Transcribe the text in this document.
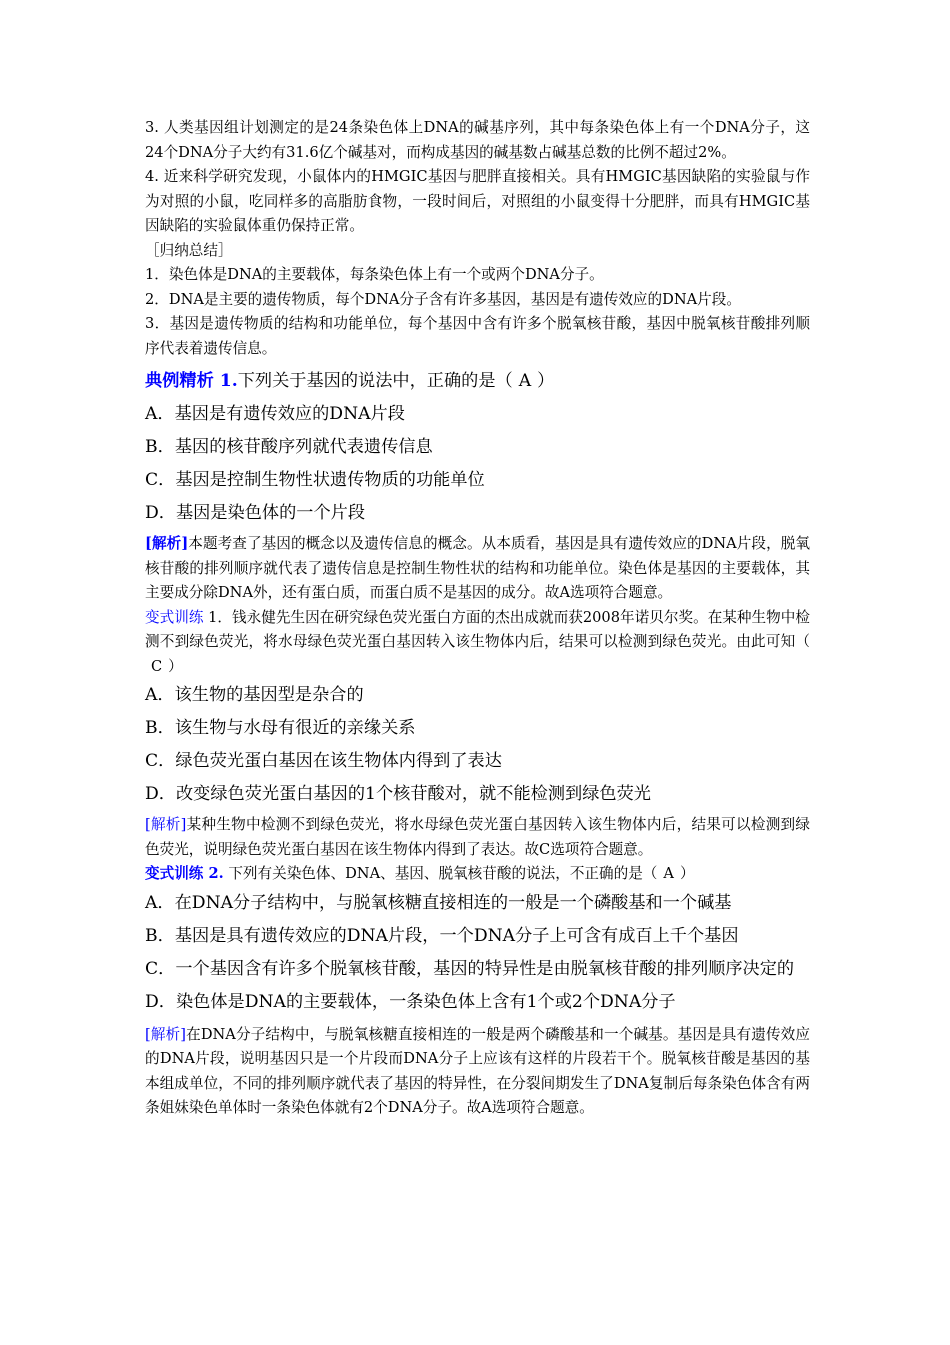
3. 人类基因组计划测定的是24条染色体上DNA的碱基序列，其中每条染色体上有一个DNA分子，这24个DNA分子大约有31.6亿个碱基对，而构成基因的碱基数占碱基总数的比例不超过2%。

4. 近来科学研究发现，小鼠体内的HMGIC基因与肥胖直接相关。具有HMGIC基因缺陷的实验鼠与作为对照的小鼠，吃同样多的高脂肪食物，一段时间后，对照组的小鼠变得十分肥胖，而具有HMGIC基因缺陷的实验鼠体重仍保持正常。

［归纳总结］

1．染色体是DNA的主要载体，每条染色体上有一个或两个DNA分子。

2．DNA是主要的遗传物质，每个DNA分子含有许多基因，基因是有遗传效应的DNA片段。

3．基因是遗传物质的结构和功能单位，每个基因中含有许多个脱氧核苷酸，基因中脱氧核苷酸排列顺序代表着遗传信息。

典例精析 1.下列关于基因的说法中，正确的是（ A ）

A．基因是有遗传效应的DNA片段

B．基因的核苷酸序列就代表遗传信息

C．基因是控制生物性状遗传物质的功能单位

D．基因是染色体的一个片段

[解析]本题考查了基因的概念以及遗传信息的概念。从本质看，基因是具有遗传效应的DNA片段，脱氧核苷酸的排列顺序就代表了遗传信息是控制生物性状的结构和功能单位。染色体是基因的主要载体，其主要成分除DNA外，还有蛋白质，而蛋白质不是基因的成分。故A选项符合题意。

变式训练 1．钱永健先生因在研究绿色荧光蛋白方面的杰出成就而获2008年诺贝尔奖。在某种生物中检测不到绿色荧光，将水母绿色荧光蛋白基因转入该生物体内后，结果可以检测到绿色荧光。由此可知（C ）

A．该生物的基因型是杂合的

B．该生物与水母有很近的亲缘关系

C．绿色荧光蛋白基因在该生物体内得到了表达

D．改变绿色荧光蛋白基因的1个核苷酸对，就不能检测到绿色荧光

[解析]某种生物中检测不到绿色荧光，将水母绿色荧光蛋白基因转入该生物体内后，结果可以检测到绿色荧光，说明绿色荧光蛋白基因在该生物体内得到了表达。故C选项符合题意。

变式训练 2. 下列有关染色体、DNA、基因、脱氧核苷酸的说法，不正确的是（ A ）

A．在DNA分子结构中，与脱氧核糖直接相连的一般是一个磷酸基和一个碱基

B．基因是具有遗传效应的DNA片段，一个DNA分子上可含有成百上千个基因

C．一个基因含有许多个脱氧核苷酸，基因的特异性是由脱氧核苷酸的排列顺序决定的

D．染色体是DNA的主要载体，一条染色体上含有1个或2个DNA分子

[解析]在DNA分子结构中，与脱氧核糖直接相连的一般是两个磷酸基和一个碱基。基因是具有遗传效应的DNA片段，说明基因只是一个片段而DNA分子上应该有这样的片段若干个。脱氧核苷酸是基因的基本组成单位，不同的排列顺序就代表了基因的特异性，在分裂间期发生了DNA复制后每条染色体含有两条姐妹染色单体时一条染色体就有2个DNA分子。故A选项符合题意。
